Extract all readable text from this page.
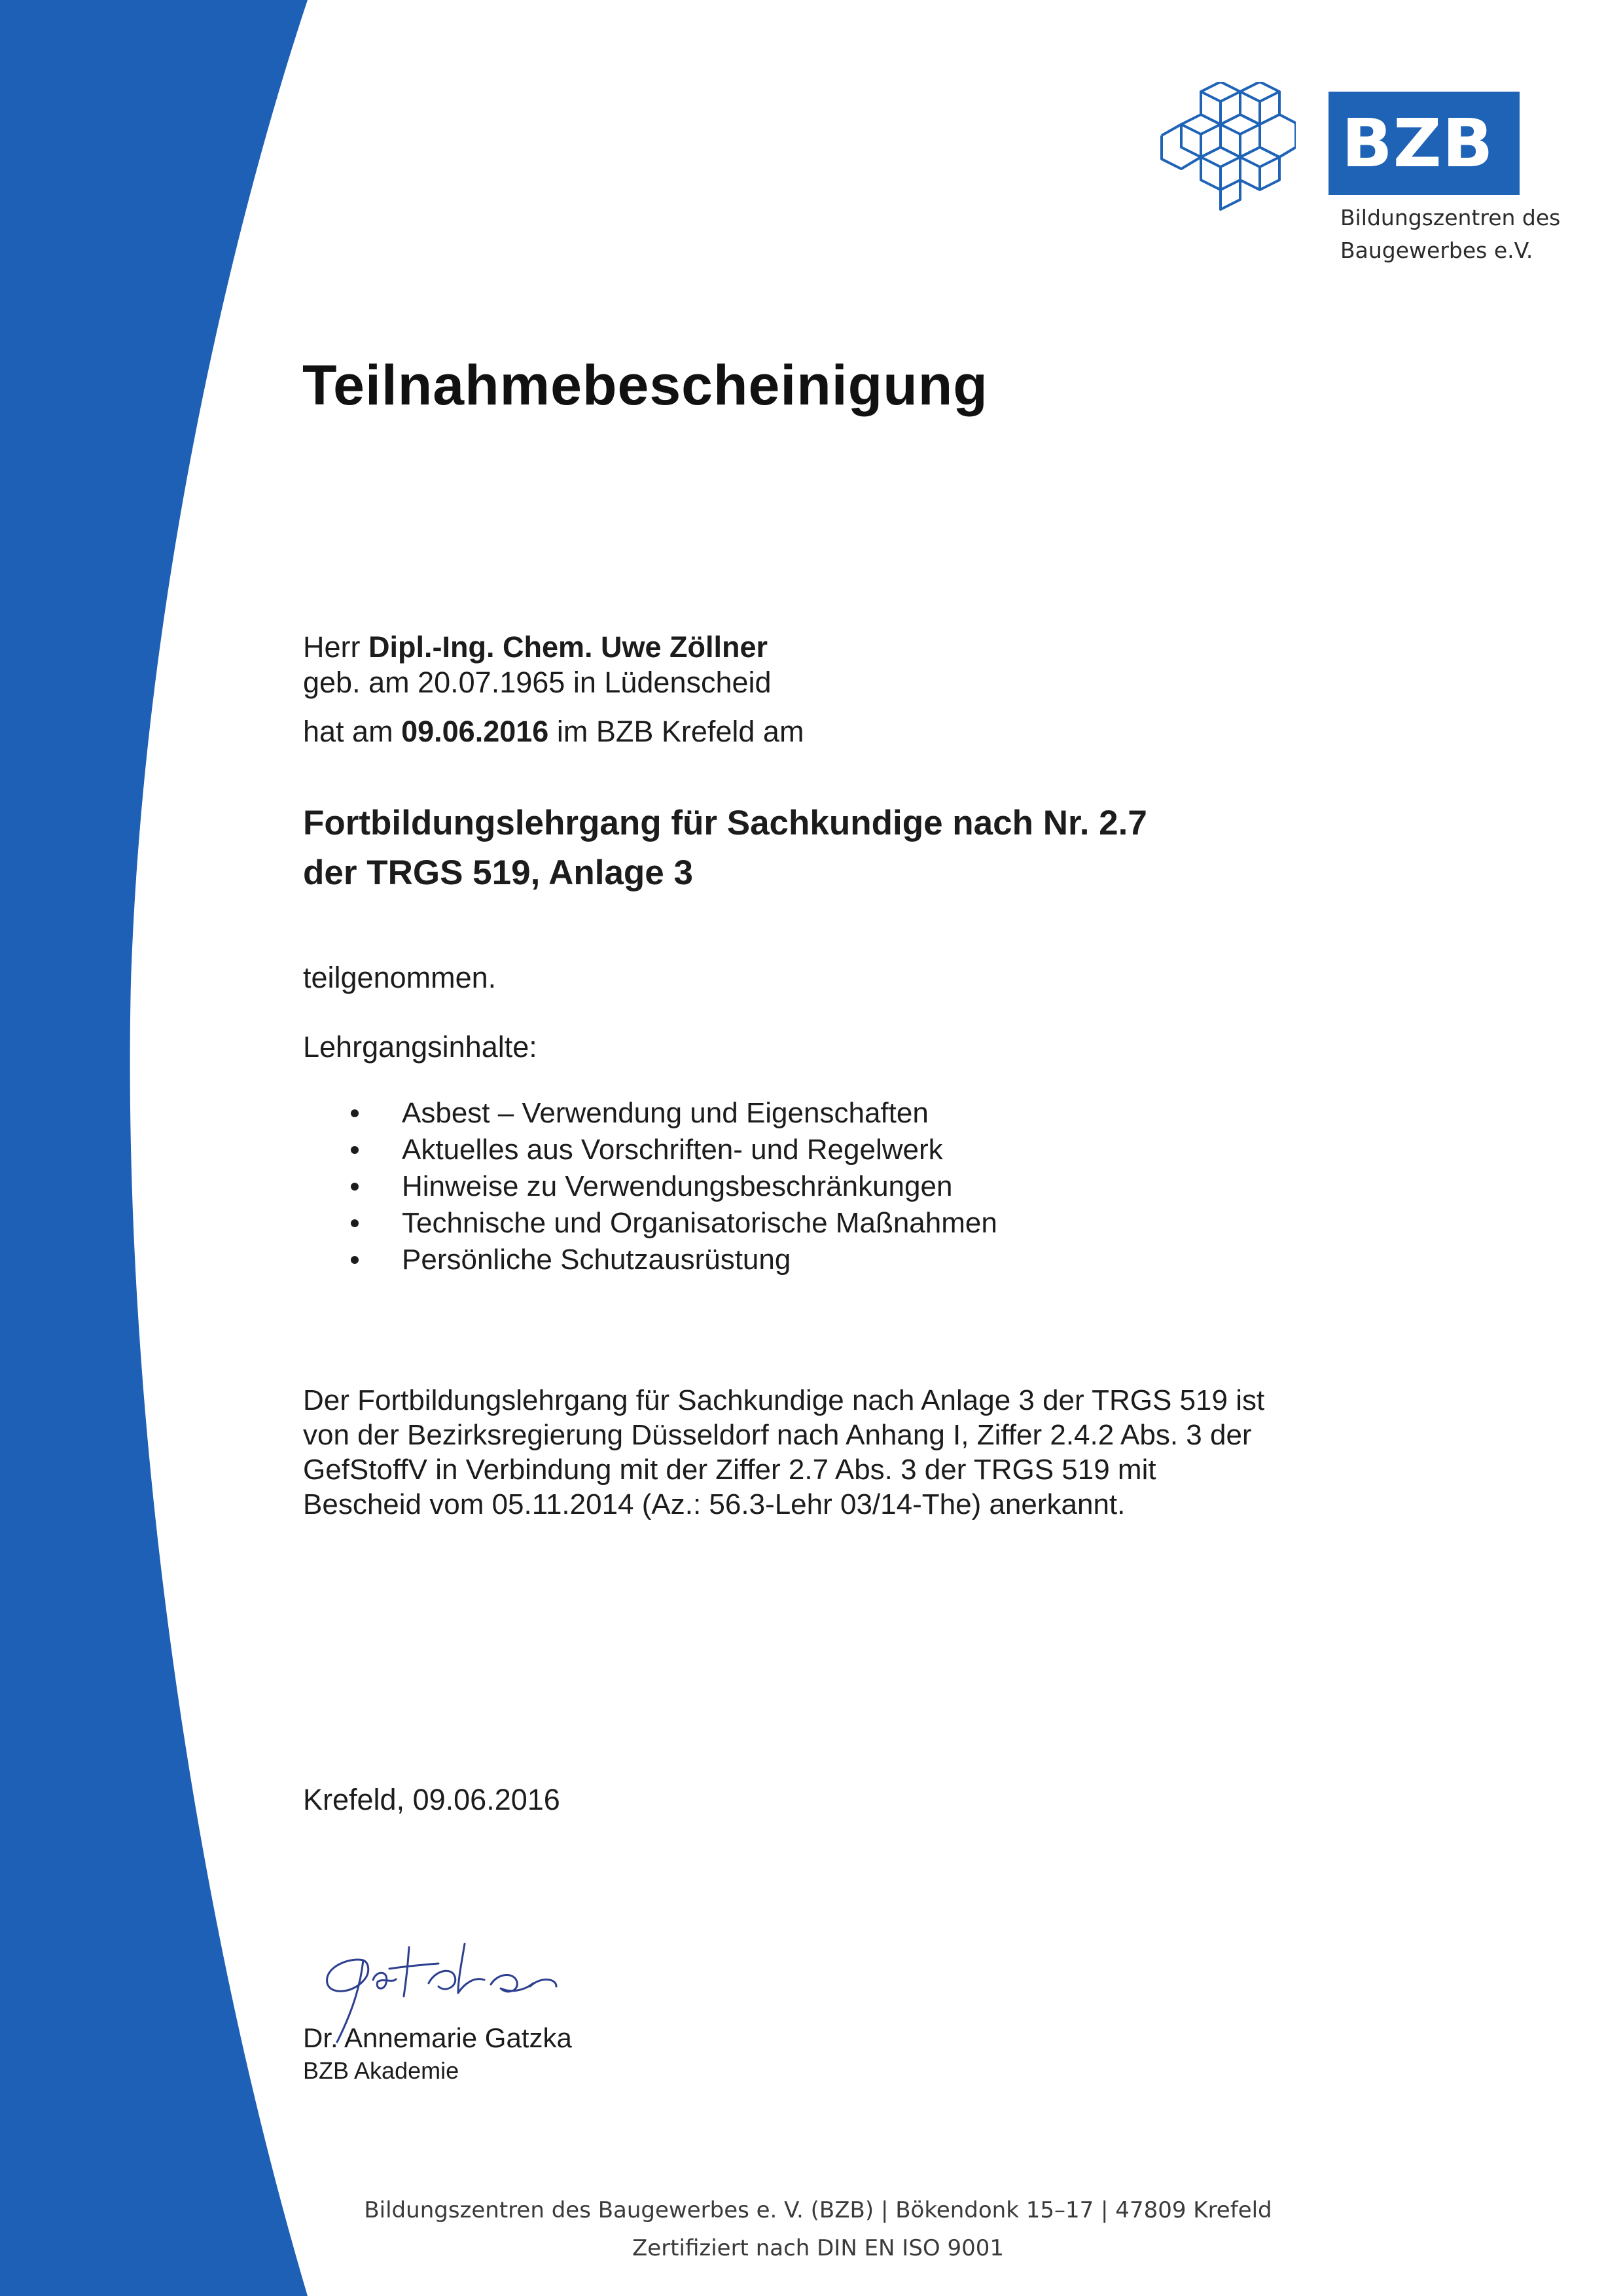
BZB
Bildungszentren des
Baugewerbes e.V.
Teilnahmebescheinigung
Herr Dipl.-Ing. Chem. Uwe Zöllner
geb. am 20.07.1965 in Lüdenscheid
hat am 09.06.2016 im BZB Krefeld am
Fortbildungslehrgang für Sachkundige nach Nr. 2.7
der TRGS 519, Anlage 3
teilgenommen.
Lehrgangsinhalte:
Asbest – Verwendung und Eigenschaften
Aktuelles aus Vorschriften- und Regelwerk
Hinweise zu Verwendungsbeschränkungen
Technische und Organisatorische Maßnahmen
Persönliche Schutzausrüstung
Der Fortbildungslehrgang für Sachkundige nach Anlage 3 der TRGS 519 ist
von der Bezirksregierung Düsseldorf nach Anhang I, Ziffer 2.4.2 Abs. 3 der
GefStoffV in Verbindung mit der Ziffer 2.7 Abs. 3 der TRGS 519 mit
Bescheid vom 05.11.2014 (Az.: 56.3-Lehr 03/14-The) anerkannt.
Krefeld, 09.06.2016
Dr. Annemarie Gatzka
BZB Akademie
Bildungszentren des Baugewerbes e. V. (BZB) | Bökendonk 15–17 | 47809 Krefeld
Zertifiziert nach DIN EN ISO 9001
